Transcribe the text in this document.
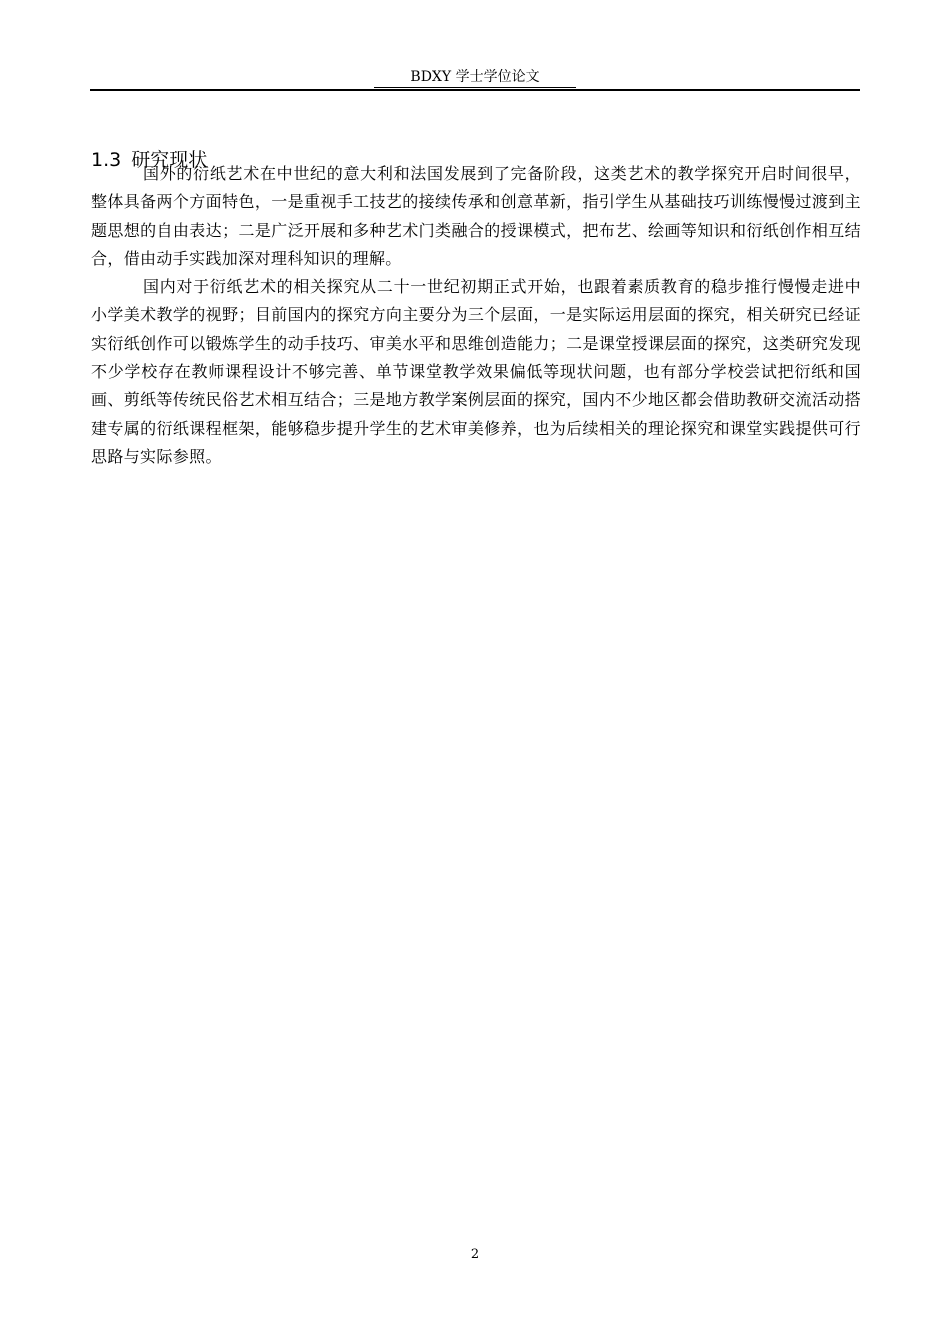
BDXY 学士学位论文
1.3 研究现状

国外的衍纸艺术在中世纪的意大利和法国发展到了完备阶段，这类艺术的教学探究开启时间很早，整体具备两个方面特色，一是重视手工技艺的接续传承和创意革新，指引学生从基础技巧训练慢慢过渡到主题思想的自由表达；二是广泛开展和多种艺术门类融合的授课模式，把布艺、绘画等知识和衍纸创作相互结合，借由动手实践加深对理科知识的理解。

国内对于衍纸艺术的相关探究从二十一世纪初期正式开始，也跟着素质教育的稳步推行慢慢走进中小学美术教学的视野；目前国内的探究方向主要分为三个层面，一是实际运用层面的探究，相关研究已经证实衍纸创作可以锻炼学生的动手技巧、审美水平和思维创造能力；二是课堂授课层面的探究，这类研究发现不少学校存在教师课程设计不够完善、单节课堂教学效果偏低等现状问题，也有部分学校尝试把衍纸和国画、剪纸等传统民俗艺术相互结合；三是地方教学案例层面的探究，国内不少地区都会借助教研交流活动搭建专属的衍纸课程框架，能够稳步提升学生的艺术审美修养，也为后续相关的理论探究和课堂实践提供可行思路与实际参照。

2
